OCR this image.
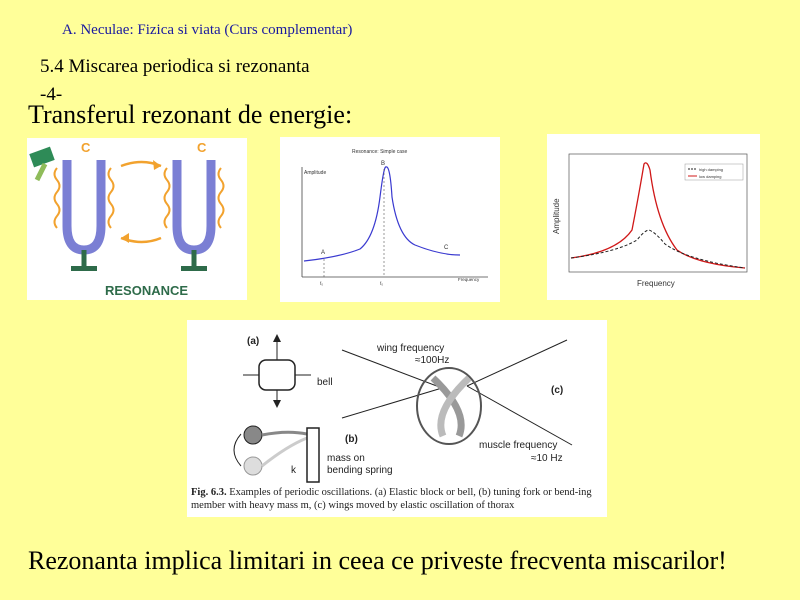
A. Neculae: Fizica si viata (Curs complementar)
5.4 Miscarea periodica si rezonanta
-4-
Transferul rezonant de energie:
C	C
RESONANCE
Resonance: Simple case
Amplitude
A
B
C
f₀	f₀
Frequency
high damping
low damping
Amplitude
Frequency
(a)
bell
k
(b)
mass on
bending spring
wing frequency
≈100Hz
(c)
muscle frequency
≈10 Hz
Fig. 6.3. Examples of periodic oscillations. (a) Elastic block or bell, (b) tuning fork or bend-ing member with heavy mass m, (c) wings moved by elastic oscillation of thorax
Rezonanta implica limitari in ceea ce priveste frecventa miscarilor!
